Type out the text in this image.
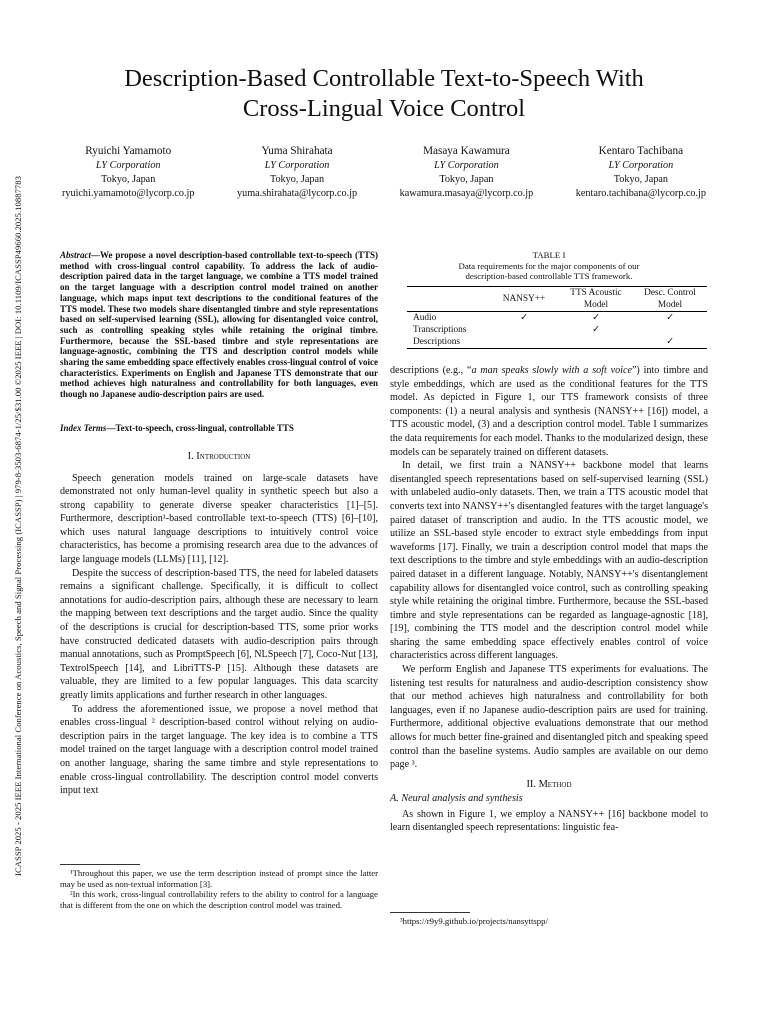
ICASSP 2025 - 2025 IEEE International Conference on Acoustics, Speech and Signal Processing (ICASSP) | 979-8-3503-6874-1/25/$31.00 ©2025 IEEE | DOI: 10.1109/ICASSP49660.2025.10887783
Description-Based Controllable Text-to-Speech With
Cross-Lingual Voice Control
Ryuichi Yamamoto
LY Corporation
Tokyo, Japan
ryuichi.yamamoto@lycorp.co.jp
Yuma Shirahata
LY Corporation
Tokyo, Japan
yuma.shirahata@lycorp.co.jp
Masaya Kawamura
LY Corporation
Tokyo, Japan
kawamura.masaya@lycorp.co.jp
Kentaro Tachibana
LY Corporation
Tokyo, Japan
kentaro.tachibana@lycorp.co.jp
Abstract—We propose a novel description-based controllable text-to-speech (TTS) method with cross-lingual control capability. To address the lack of audio-description paired data in the target language, we combine a TTS model trained on the target language with a description control model trained on another language, which maps input text descriptions to the conditional features of the TTS model. These two models share disentangled timbre and style representations based on self-supervised learning (SSL), allowing for disentangled voice control, such as controlling speaking styles while retaining the original timbre. Furthermore, because the SSL-based timbre and style representations are language-agnostic, combining the TTS and description control models while sharing the same embedding space effectively enables cross-lingual control of voice characteristics. Experiments on English and Japanese TTS demonstrate that our method achieves high naturalness and controllability for both languages, even though no Japanese audio-description pairs are used.
Index Terms—Text-to-speech, cross-lingual, controllable TTS
I. Introduction

Speech generation models trained on large-scale datasets have demonstrated not only human-level quality in synthetic speech but also a strong capability to generate diverse speaker characteristics [1]–[5]. Furthermore, description¹-based controllable text-to-speech (TTS) [6]–[10], which uses natural language descriptions to intuitively control voice characteristics, has become a promising research area due to the advances of large language models (LLMs) [11], [12].

Despite the success of description-based TTS, the need for labeled datasets remains a significant challenge. Specifically, it is difficult to collect annotations for audio-description pairs, although these are necessary to learn the mapping between text descriptions and the target audio. Since the quality of the descriptions is crucial for description-based TTS, some prior works have constructed dedicated datasets with audio-description pairs through manual annotations, such as PromptSpeech [6], NLSpeech [7], Coco-Nut [13], TextrolSpeech [14], and LibriTTS-P [15]. Although these datasets are valuable, they are limited to a few popular languages. This data scarcity greatly limits applications and further research in other languages.

To address the aforementioned issue, we propose a novel method that enables cross-lingual ² description-based control without relying on audio-description pairs in the target language. The key idea is to combine a TTS model trained on the target language with a description control model trained on another language, sharing the same timbre and style representations to enable cross-lingual controllability. The description control model converts input text

¹Throughout this paper, we use the term description instead of prompt since the latter may be used as non-textual information [3].

²In this work, cross-lingual controllability refers to the ability to control for a language that is different from the one on which the description control model was trained.

TABLE I
Data requirements for the major components of our
description-based controllable TTS framework.
	NANSY++	TTS Acoustic Model	Desc. Control Model
Audio	✓	✓	✓
Transcriptions		✓	
Descriptions			✓

descriptions (e.g., “a man speaks slowly with a soft voice”) into timbre and style embeddings, which are used as the conditional features for the TTS model. As depicted in Figure 1, our TTS framework consists of three components: (1) a neural analysis and synthesis (NANSY++ [16]) model, a TTS acoustic model, (3) and a description control model. Table I summarizes the data requirements for each model. Thanks to the modularized design, these models can be separately trained on different datasets.

In detail, we first train a NANSY++ backbone model that learns disentangled speech representations based on self-supervised learning (SSL) with unlabeled audio-only datasets. Then, we train a TTS acoustic model that converts text into NANSY++'s disentangled features with the target language's paired dataset of transcription and audio. In the TTS acoustic model, we utilize an SSL-based style encoder to extract style embeddings from input waveforms [17]. Finally, we train a description control model that maps the text descriptions to the timbre and style embeddings with an audio-description paired dataset in a different language. Notably, NANSY++'s disentanglement capability allows for disentangled voice control, such as controlling speaking style while retaining the original timbre. Furthermore, because the SSL-based timbre and style representations can be regarded as language-agnostic [18], [19], combining the TTS model and the description control model while sharing the same embedding space effectively enables control of voice characteristics across different languages.

We perform English and Japanese TTS experiments for evaluations. The listening test results for naturalness and audio-description consistency show that our method achieves high naturalness and controllability for both languages, even if no Japanese audio-description pairs are used for training. Furthermore, additional objective evaluations demonstrate that our method allows for much better fine-grained and disentangled pitch and speaking speed control than the baseline systems. Audio samples are available on our demo page ³.

II. Method
A. Neural analysis and synthesis

As shown in Figure 1, we employ a NANSY++ [16] backbone model to learn disentangled speech representations: linguistic fea-

³https://r9y9.github.io/projects/nansyttspp/
